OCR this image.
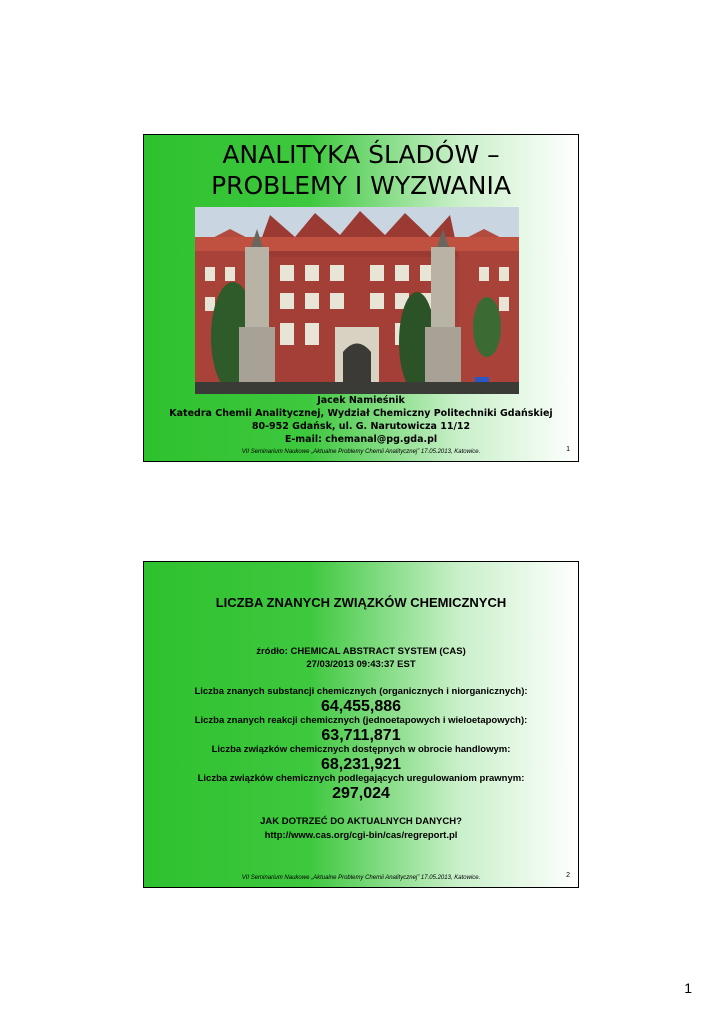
ANALITYKA ŚLADÓW –
PROBLEMY I WYZWANIA
Jacek Namieśnik
Katedra Chemii Analitycznej, Wydział Chemiczny Politechniki Gdańskiej
80-952 Gdańsk, ul. G. Narutowicza 11/12
E-mail: chemanal@pg.gda.pl
VII Seminarium Naukowe „Aktualne Problemy Chemii Analitycznej” 17.05.2013, Katowice.	1
LICZBA ZNANYCH ZWIĄZKÓW CHEMICZNYCH
źródło: CHEMICAL ABSTRACT SYSTEM (CAS)
27/03/2013 09:43:37 EST
Liczba znanych substancji chemicznych (organicznych i niorganicznych):
64,455,886
Liczba znanych reakcji chemicznych (jednoetapowych i wieloetapowych):
63,711,871
Liczba związków chemicznych dostępnych w obrocie handlowym:
68,231,921
Liczba związków chemicznych podlegających uregulowaniom prawnym:
297,024
JAK DOTRZEĆ DO AKTUALNYCH DANYCH?
http://www.cas.org/cgi-bin/cas/regreport.pl
VII Seminarium Naukowe „Aktualne Problemy Chemii Analitycznej” 17.05.2013, Katowice.	2
1
